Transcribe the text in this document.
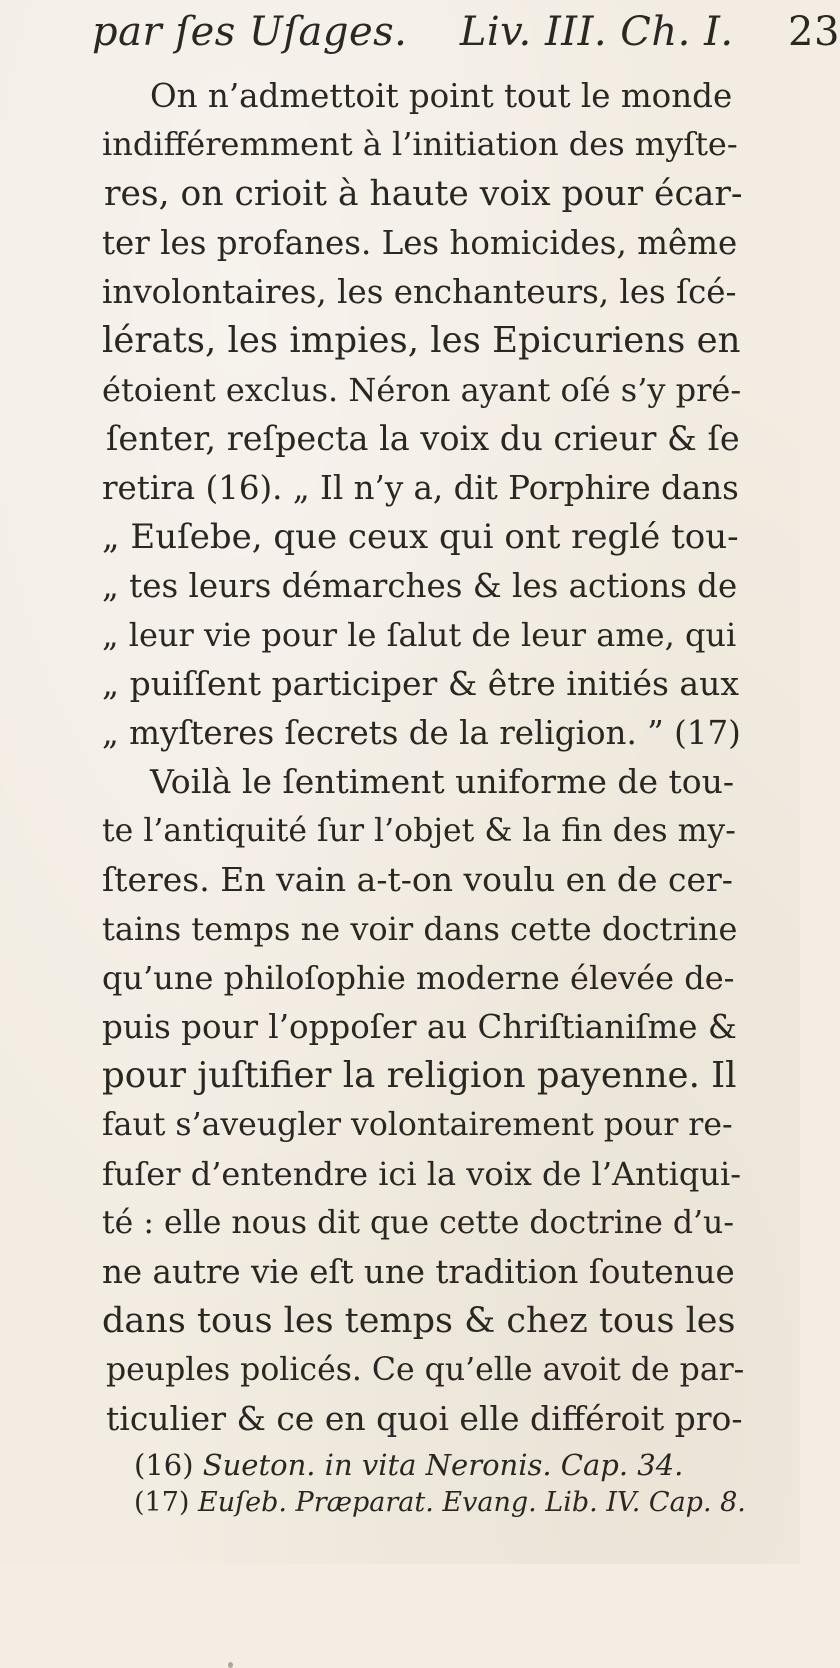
par ſes Uſages. Liv. III. Ch. I. 23
On n’admettoit point tout le monde
indifféremment à l’initiation des myſte-
res, on crioit à haute voix pour écar-
ter les profanes. Les homicides, même
involontaires, les enchanteurs, les ſcé-
lérats, les impies, les Epicuriens en
étoient exclus. Néron ayant oſé s’y pré-
ſenter, reſpecta la voix du crieur & ſe
retira (16). „ Il n’y a, dit Porphire dans
„ Euſebe, que ceux qui ont reglé tou-
„ tes leurs démarches & les actions de
„ leur vie pour le ſalut de leur ame, qui
„ puiſſent participer & être initiés aux
„ myſteres ſecrets de la religion. ” (17)
Voilà le ſentiment uniforme de tou-
te l’antiquité ſur l’objet & la fin des my-
ſteres. En vain a-t-on voulu en de cer-
tains temps ne voir dans cette doctrine
qu’une philoſophie moderne élevée de-
puis pour l’oppoſer au Chriſtianiſme &
pour juſtifier la religion payenne. Il
faut s’aveugler volontairement pour re-
fuſer d’entendre ici la voix de l’Antiqui-
té : elle nous dit que cette doctrine d’u-
ne autre vie eſt une tradition ſoutenue
dans tous les temps & chez tous les
peuples policés. Ce qu’elle avoit de par-
ticulier & ce en quoi elle différoit pro-
(16) Sueton. in vita Neronis. Cap. 34.
(17) Euſeb. Præparat. Evang. Lib. IV. Cap. 8.
